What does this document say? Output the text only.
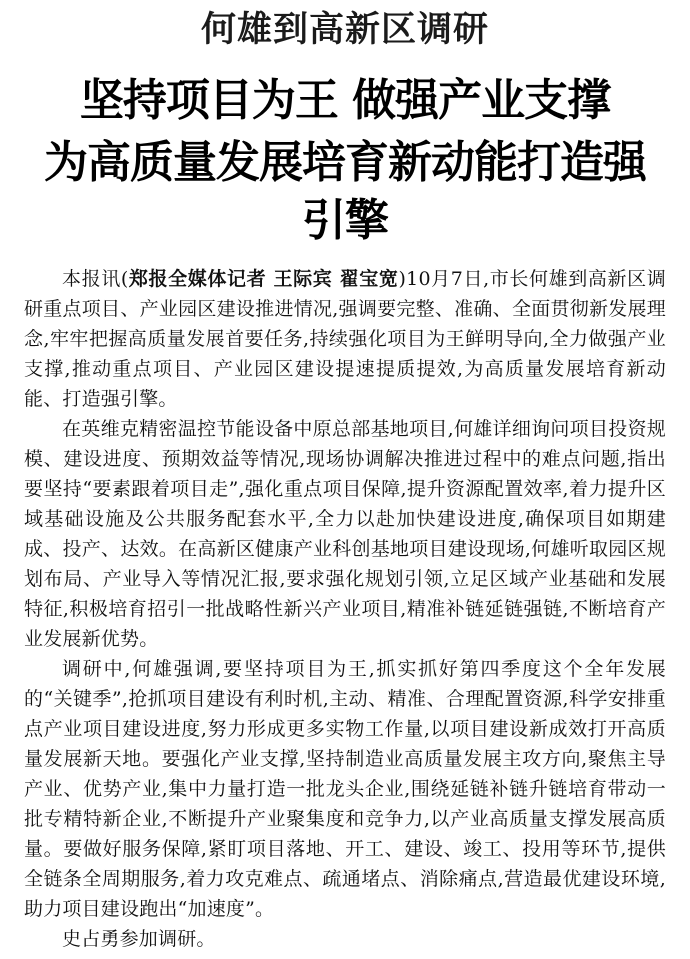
何雄到高新区调研
坚持项目为王 做强产业支撑
为高质量发展培育新动能打造强引擎

本报讯(郑报全媒体记者 王际宾 翟宝宽)10月7日,市长何雄到高新区调研重点项目、产业园区建设推进情况,强调要完整、准确、全面贯彻新发展理念,牢牢把握高质量发展首要任务,持续强化项目为王鲜明导向,全力做强产业支撑,推动重点项目、产业园区建设提速提质提效,为高质量发展培育新动能、打造强引擎。

在英维克精密温控节能设备中原总部基地项目,何雄详细询问项目投资规模、建设进度、预期效益等情况,现场协调解决推进过程中的难点问题,指出要坚持“要素跟着项目走”,强化重点项目保障,提升资源配置效率,着力提升区域基础设施及公共服务配套水平,全力以赴加快建设进度,确保项目如期建成、投产、达效。在高新区健康产业科创基地项目建设现场,何雄听取园区规划布局、产业导入等情况汇报,要求强化规划引领,立足区域产业基础和发展特征,积极培育招引一批战略性新兴产业项目,精准补链延链强链,不断培育产业发展新优势。

调研中,何雄强调,要坚持项目为王,抓实抓好第四季度这个全年发展的“关键季”,抢抓项目建设有利时机,主动、精准、合理配置资源,科学安排重点产业项目建设进度,努力形成更多实物工作量,以项目建设新成效打开高质量发展新天地。要强化产业支撑,坚持制造业高质量发展主攻方向,聚焦主导产业、优势产业,集中力量打造一批龙头企业,围绕延链补链升链培育带动一批专精特新企业,不断提升产业聚集度和竞争力,以产业高质量支撑发展高质量。要做好服务保障,紧盯项目落地、开工、建设、竣工、投用等环节,提供全链条全周期服务,着力攻克难点、疏通堵点、消除痛点,营造最优建设环境,助力项目建设跑出“加速度”。

史占勇参加调研。
